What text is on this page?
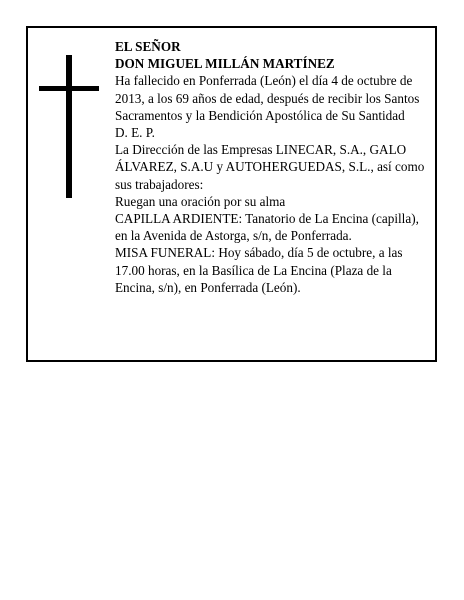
EL SEÑOR

DON MIGUEL MILLÁN MARTÍNEZ

Ha fallecido en Ponferrada (León) el día 4 de octubre de 2013, a los 69 años de edad, después de recibir los Santos Sacramentos y la Bendición Apostólica de Su Santidad

D. E. P.

La Dirección de las Empresas LINECAR, S.A., GALO ÁLVAREZ, S.A.U y AUTOHERGUEDAS, S.L., así como sus trabajadores:

Ruegan una oración por su alma

CAPILLA ARDIENTE: Tanatorio de La Encina (capilla), en la Avenida de Astorga, s/n, de Ponferrada.

MISA FUNERAL: Hoy sábado, día 5 de octubre, a las 17.00 horas, en la Basílica de La Encina (Plaza de la Encina, s/n), en Ponferrada (León).
